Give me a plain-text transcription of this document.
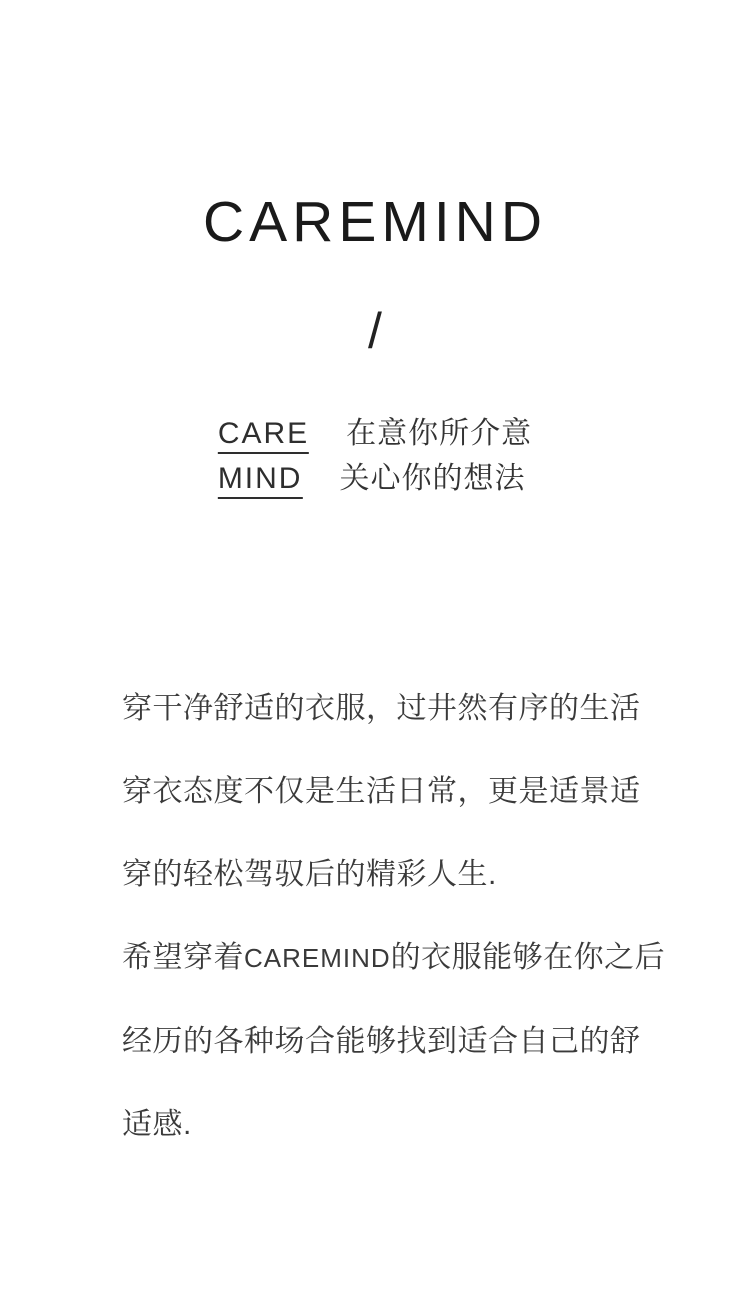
CAREMIND
/
CARE 在意你所介意
MIND 关心你的想法
穿干净舒适的衣服，过井然有序的生活
穿衣态度不仅是生活日常，更是适景适
穿的轻松驾驭后的精彩人生.
希望穿着CAREMIND的衣服能够在你之后
经历的各种场合能够找到适合自己的舒
适感.
